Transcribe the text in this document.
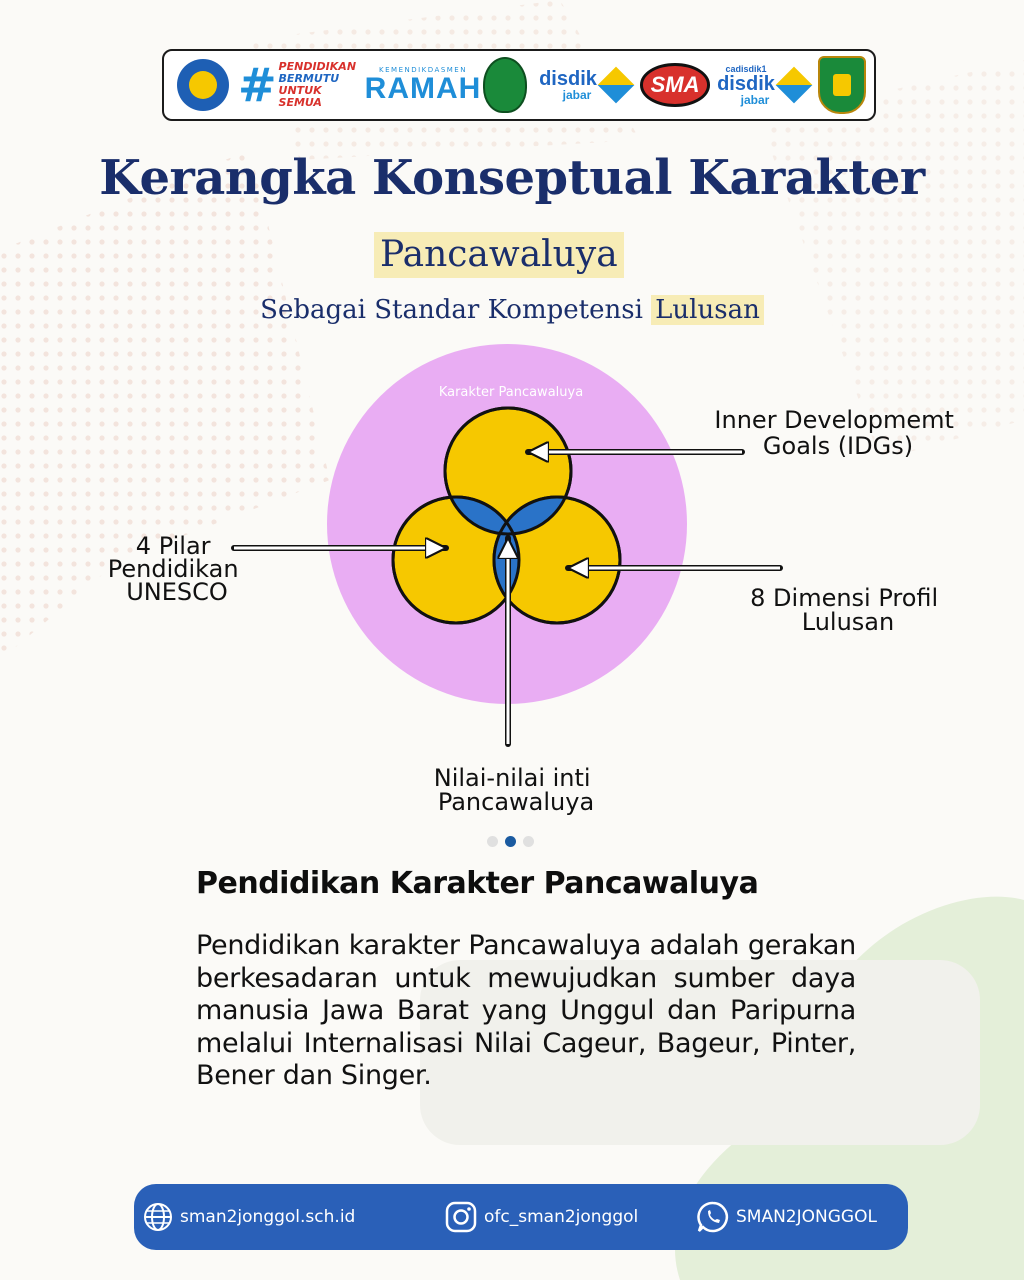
# PENDIDIKAN
BERMUTU
UNTUK SEMUA
KEMENDIKDASMEN
RAMAH	disdik
jabar	SMA
cadisdik1
disdik
jabar
Kerangka Konseptual Karakter
Pancawaluya
Sebagai Standar Kompetensi Lulusan
Karakter Pancawaluya
Inner Developmemt Goals (IDGs)
4 Pilar Pendidikan UNESCO	8 Dimensi Profil Lulusan
Nilai-nilai inti Pancawaluya
Pendidikan Karakter Pancawaluya
Pendidikan karakter Pancawaluya adalah gerakan berkesadaran untuk mewujudkan sumber daya manusia Jawa Barat yang Unggul dan Paripurna melalui Internalisasi Nilai Cageur, Bageur, Pinter, Bener dan Singer.
sman2jonggol.sch.id	ofc_sman2jonggol	SMAN2JONGGOL
